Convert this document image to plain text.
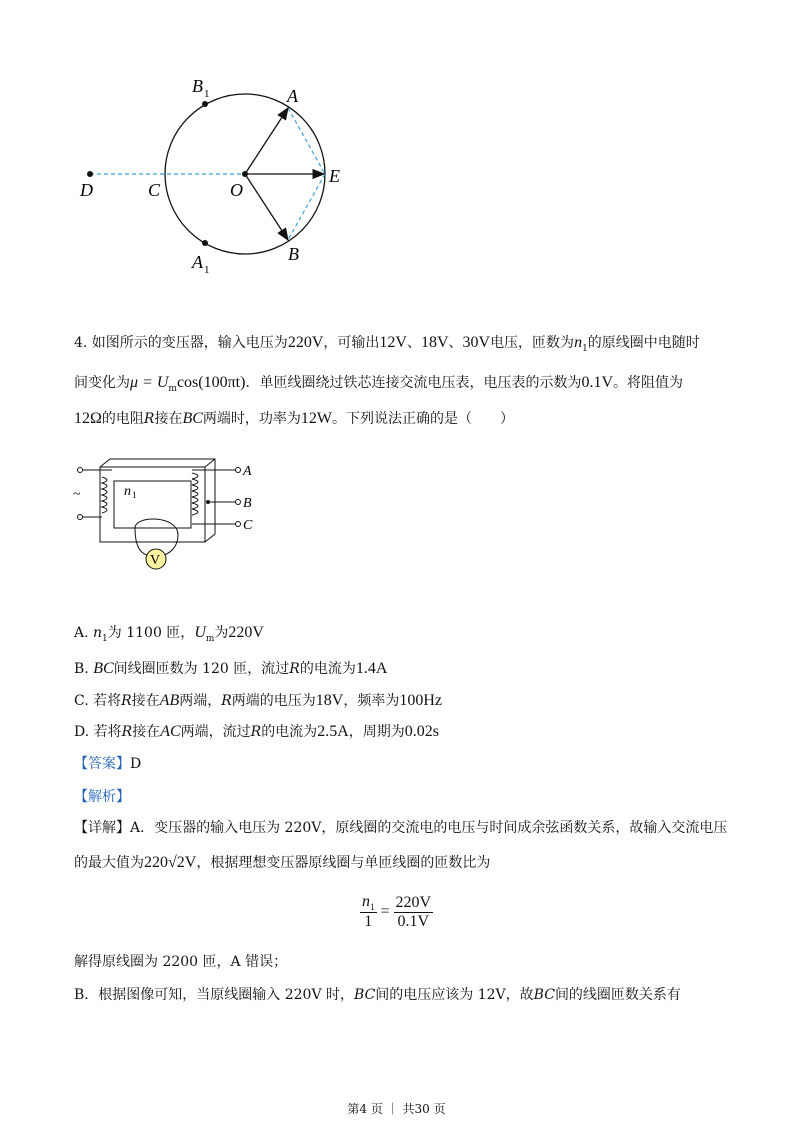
B 1	A
D	C	O
E
A 1
B
4. 如图所示的变压器，输入电压为220V，可输出12V、18V、30V电压，匝数为$n_1$的原线圈中电随时
间变化为$\mu = U_m\cos(100\pi t)$．单匝线圈绕过铁芯连接交流电压表，电压表的示数为0.1V。将阻值为
12Ω的电阻R接在BC两端时，功率为12W。下列说法正确的是（　　）
V
~	n 1
A
B
C
A. $n_1$为 1100 匝，$U_m$为220V
B. BC间线圈匝数为 120 匝，流过R的电流为1.4A
C. 若将R接在AB两端，R两端的电压为18V，频率为100Hz
D. 若将R接在AC两端，流过R的电流为2.5A，周期为0.02s
【答案】D
【解析】
【详解】A．变压器的输入电压为 220V，原线圈的交流电的电压与时间成余弦函数关系，故输入交流电压
的最大值为220√2V，根据理想变压器原线圈与单匝线圈的匝数比为
$\frac{n_1}{1} = \frac{220V}{0.1V}$
解得原线圈为 2200 匝，A 错误；
B．根据图像可知，当原线圈输入 220V 时，BC间的电压应该为 12V，故BC间的线圈匝数关系有
第4 页 ｜ 共30 页
